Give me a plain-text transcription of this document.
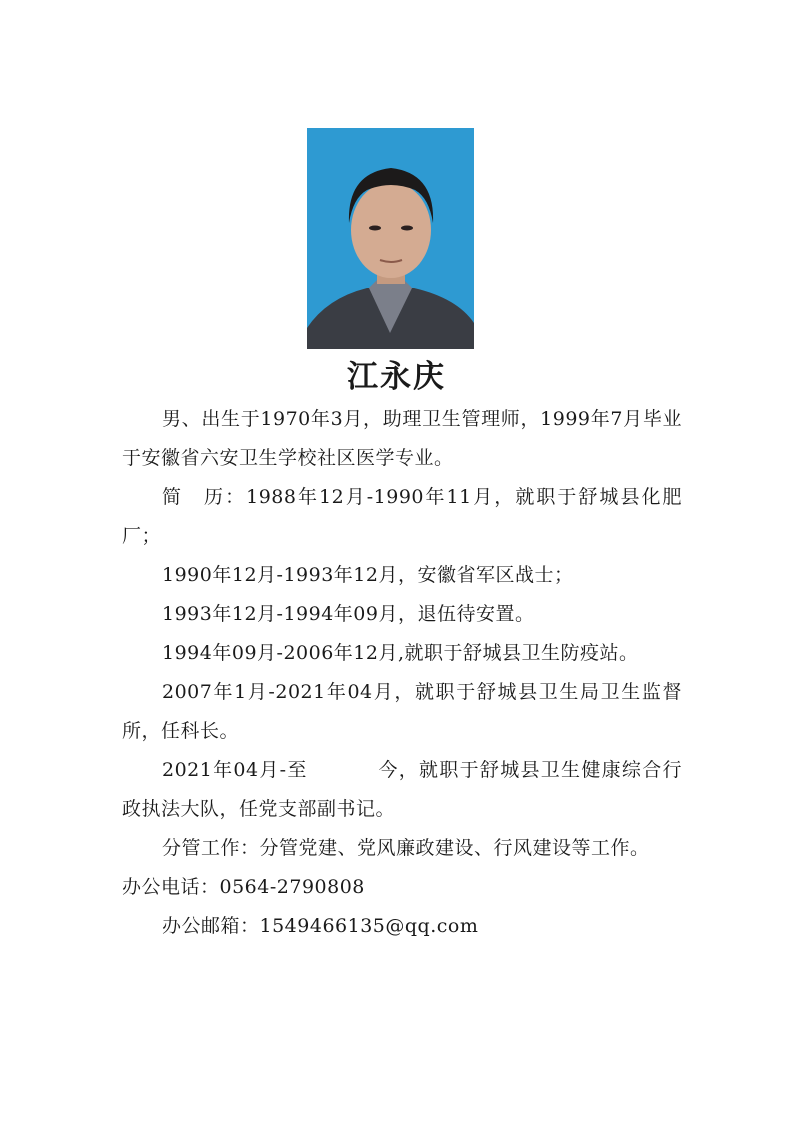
江永庆

男、出生于1970年3月，助理卫生管理师，1999年7月毕业于安徽省六安卫生学校社区医学专业。

简　历：1988年12月-1990年11月，就职于舒城县化肥厂；

1990年12月-1993年12月，安徽省军区战士；

1993年12月-1994年09月，退伍待安置。

1994年09月-2006年12月,就职于舒城县卫生防疫站。

2007年1月-2021年04月，就职于舒城县卫生局卫生监督所，任科长。

2021年04月-至	今，就职于舒城县卫生健康综合行政执法大队，任党支部副书记。

分管工作：分管党建、党风廉政建设、行风建设等工作。

办公电话：0564-2790808

办公邮箱：1549466135@qq.com
